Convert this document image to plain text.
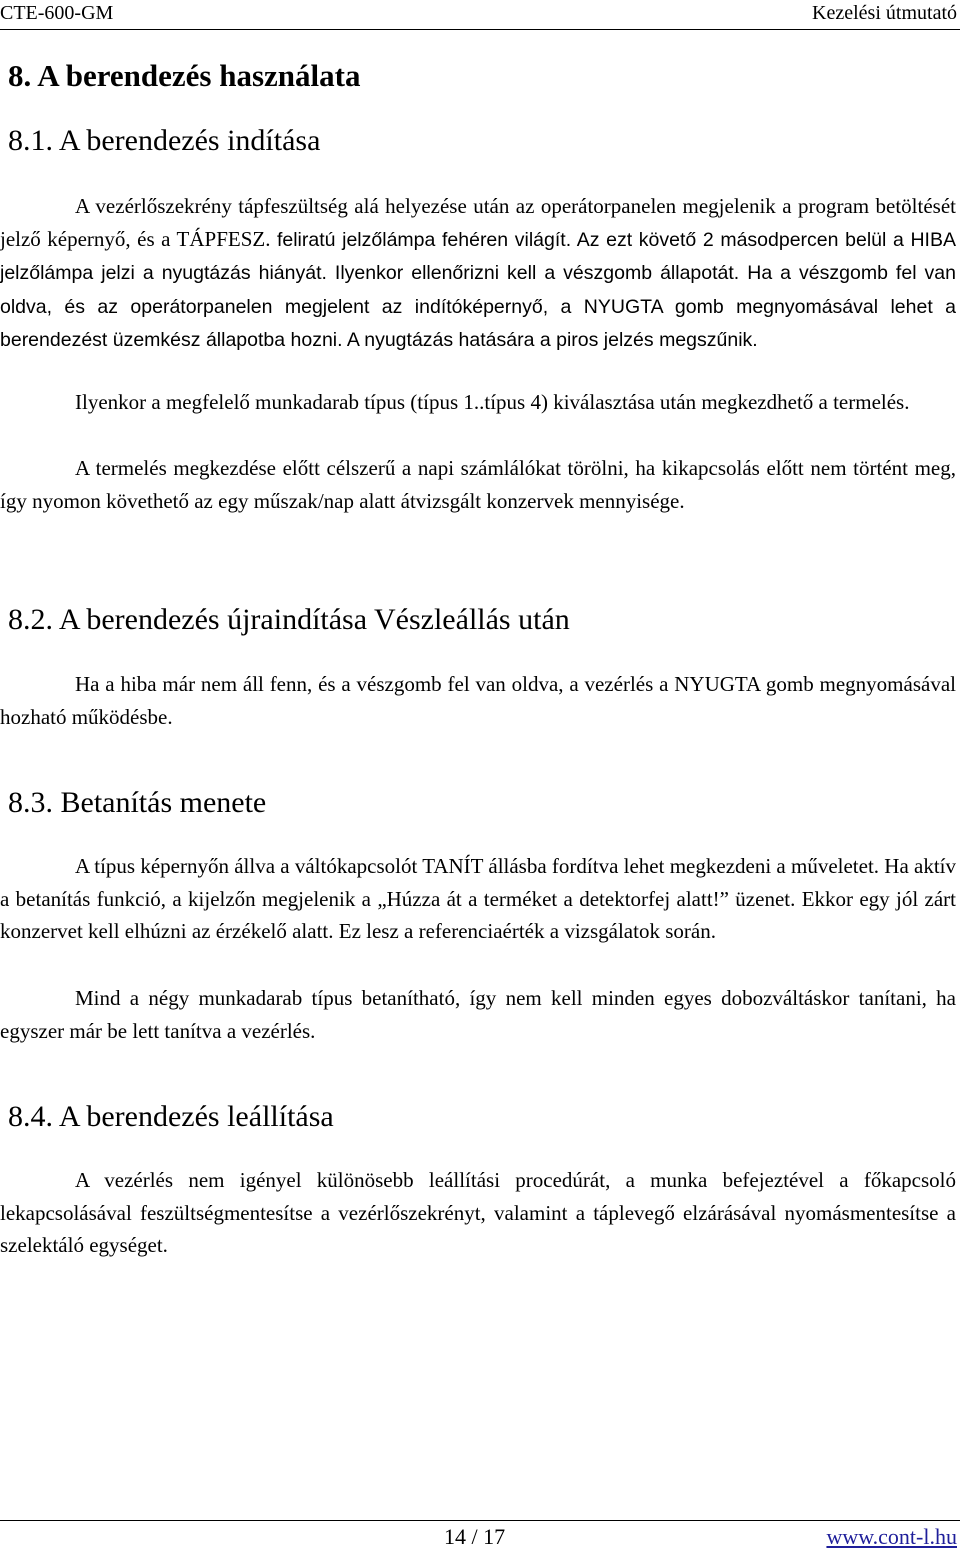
CTE-600-GM	Kezelési útmutató
8. A berendezés használata
8.1. A berendezés indítása

A vezérlőszekrény tápfeszültség alá helyezése után az operátorpanelen megjelenik a program betöltését jelző képernyő, és a TÁPFESZ. feliratú jelzőlámpa fehéren világít. Az ezt követő 2 másodpercen belül a HIBA jelzőlámpa jelzi a nyugtázás hiányát. Ilyenkor ellenőrizni kell a vészgomb állapotát. Ha a vészgomb fel van oldva, és az operátorpanelen megjelent az indítóképernyő, a NYUGTA gomb megnyomásával lehet a berendezést üzemkész állapotba hozni. A nyugtázás hatására a piros jelzés megszűnik.

Ilyenkor a megfelelő munkadarab típus (típus 1..típus 4) kiválasztása után megkezdhető a termelés.

A termelés megkezdése előtt célszerű a napi számlálókat törölni, ha kikapcsolás előtt nem történt meg, így nyomon követhető az egy műszak/nap alatt átvizsgált konzervek mennyisége.

8.2. A berendezés újraindítása Vészleállás után

Ha a hiba már nem áll fenn, és a vészgomb fel van oldva, a vezérlés a NYUGTA gomb megnyomásával hozható működésbe.

8.3. Betanítás menete

A típus képernyőn állva a váltókapcsolót TANÍT állásba fordítva lehet megkezdeni a műveletet. Ha aktív a betanítás funkció, a kijelzőn megjelenik a „Húzza át a terméket a detektorfej alatt!” üzenet. Ekkor egy jól zárt konzervet kell elhúzni az érzékelő alatt. Ez lesz a referenciaérték a vizsgálatok során.

Mind a négy munkadarab típus betanítható, így nem kell minden egyes dobozváltáskor tanítani, ha egyszer már be lett tanítva a vezérlés.

8.4. A berendezés leállítása

A vezérlés nem igényel különösebb leállítási procedúrát, a munka befejeztével a főkapcsoló lekapcsolásával feszültségmentesítse a vezérlőszekrényt, valamint a táplevegő elzárásával nyomásmentesítse a szelektáló egységet.

14 / 17	www.cont-l.hu
